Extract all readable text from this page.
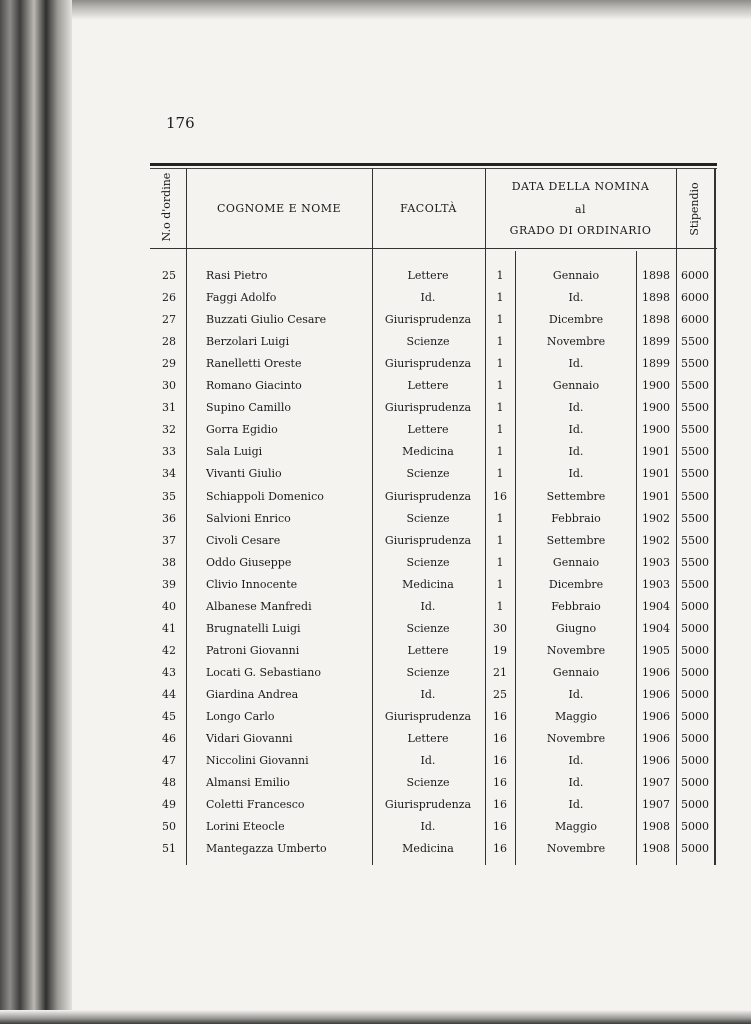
176
N.o d'ordine	COGNOME E NOME	FACOLTÀ
DATA DELLA NOMINA
al
GRADO DI ORDINARIO	Stipendio
25	Rasi Pietro	Lettere	1	Gennaio	1898	6000
26	Faggi Adolfo	Id.	1	Id.	1898	6000
27	Buzzati Giulio Cesare	Giurisprudenza	1	Dicembre	1898	6000
28	Berzolari Luigi	Scienze	1	Novembre	1899	5500
29	Ranelletti Oreste	Giurisprudenza	1	Id.	1899	5500
30	Romano Giacinto	Lettere	1	Gennaio	1900	5500
31	Supino Camillo	Giurisprudenza	1	Id.	1900	5500
32	Gorra Egidio	Lettere	1	Id.	1900	5500
33	Sala Luigi	Medicina	1	Id.	1901	5500
34	Vivanti Giulio	Scienze	1	Id.	1901	5500
35	Schiappoli Domenico	Giurisprudenza	16	Settembre	1901	5500
36	Salvioni Enrico	Scienze	1	Febbraio	1902	5500
37	Civoli Cesare	Giurisprudenza	1	Settembre	1902	5500
38	Oddo Giuseppe	Scienze	1	Gennaio	1903	5500
39	Clivio Innocente	Medicina	1	Dicembre	1903	5500
40	Albanese Manfredi	Id.	1	Febbraio	1904	5000
41	Brugnatelli Luigi	Scienze	30	Giugno	1904	5000
42	Patroni Giovanni	Lettere	19	Novembre	1905	5000
43	Locati G. Sebastiano	Scienze	21	Gennaio	1906	5000
44	Giardina Andrea	Id.	25	Id.	1906	5000
45	Longo Carlo	Giurisprudenza	16	Maggio	1906	5000
46	Vidari Giovanni	Lettere	16	Novembre	1906	5000
47	Niccolini Giovanni	Id.	16	Id.	1906	5000
48	Almansi Emilio	Scienze	16	Id.	1907	5000
49	Coletti Francesco	Giurisprudenza	16	Id.	1907	5000
50	Lorini Eteocle	Id.	16	Maggio	1908	5000
51	Mantegazza Umberto	Medicina	16	Novembre	1908	5000
